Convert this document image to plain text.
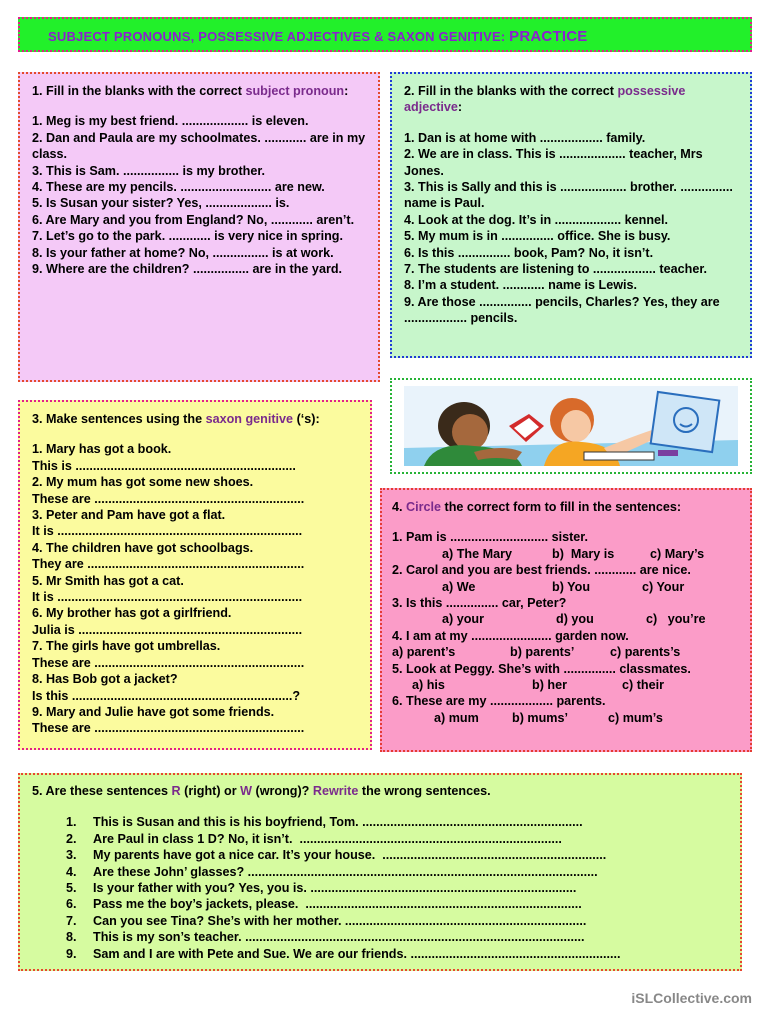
SUBJECT PRONOUNS, POSSESSIVE ADJECTIVES & SAXON GENITIVE: PRACTICE
1. Fill in the blanks with the correct subject pronoun:
1. Meg is my best friend. ................... is eleven.
2. Dan and Paula are my schoolmates. ............ are in my class.
3. This is Sam. ................ is my brother.
4. These are my pencils. .......................... are new.
5. Is Susan your sister? Yes, ................... is.
6. Are Mary and you from England? No, ............ aren’t.
7. Let’s go to the park. ............ is very nice in spring.
8. Is your father at home? No, ................ is at work.
9. Where are the children? ................ are in the yard.
2. Fill in the blanks with the correct possessive adjective:
1. Dan is at home with .................. family.
2. We are in class. This is ................... teacher, Mrs Jones.
3. This is Sally and this is ................... brother. ............... name is Paul.
4. Look at the dog. It’s in ................... kennel.
5. My mum is in ............... office. She is busy.
6. Is this ............... book, Pam? No, it isn’t.
7. The students are listening to .................. teacher.
8. I’m a student. ............ name is Lewis.
9. Are those ............... pencils, Charles? Yes, they are .................. pencils.
3. Make sentences using the saxon genitive (‘s):
1. Mary has got a book.
This is ...............................................................
2. My mum has got some new shoes.
These are ............................................................
3. Peter and Pam have got a flat.
It is ......................................................................
4. The children have got schoolbags.
They are ..............................................................
5. Mr Smith has got a cat.
It is ......................................................................
6. My brother has got a girlfriend.
Julia is ................................................................
7. The girls have got umbrellas.
These are ............................................................
8. Has Bob got a jacket?
Is this ...............................................................?
9. Mary and Julie have got some friends.
These are ............................................................
4. Circle the correct form to fill in the sentences:
1. Pam is ............................ sister.
a) The Mary	b)  Mary is	c) Mary’s
2. Carol and you are best friends. ............ are nice.
a) We	b) You	c) Your
3. Is this ............... car, Peter?
a) your	d) you	c)   you’re
4. I am at my ....................... garden now.
a) parent’s	b) parents’	c) parents’s
5. Look at Peggy. She’s with ............... classmates.
a) his	b) her	c) their
6. These are my .................. parents.
a) mum	b) mums’	c) mum’s
5. Are these sentences R (right) or W (wrong)? Rewrite the wrong sentences.
1.	This is Susan and this is his boyfriend, Tom. ...............................................................
2.	Are Paul in class 1 D? No, it isn’t.  ...........................................................................
3.	My parents have got a nice car. It’s your house.  ................................................................
4.	Are these John’ glasses? ....................................................................................................
5.	Is your father with you? Yes, you is. ............................................................................
6.	Pass me the boy’s jackets, please.  ...............................................................................
7.	Can you see Tina? She’s with her mother. .....................................................................
8.	This is my son’s teacher. .................................................................................................
9.	Sam and I are with Pete and Sue. We are our friends. ............................................................
iSLCollective.com
